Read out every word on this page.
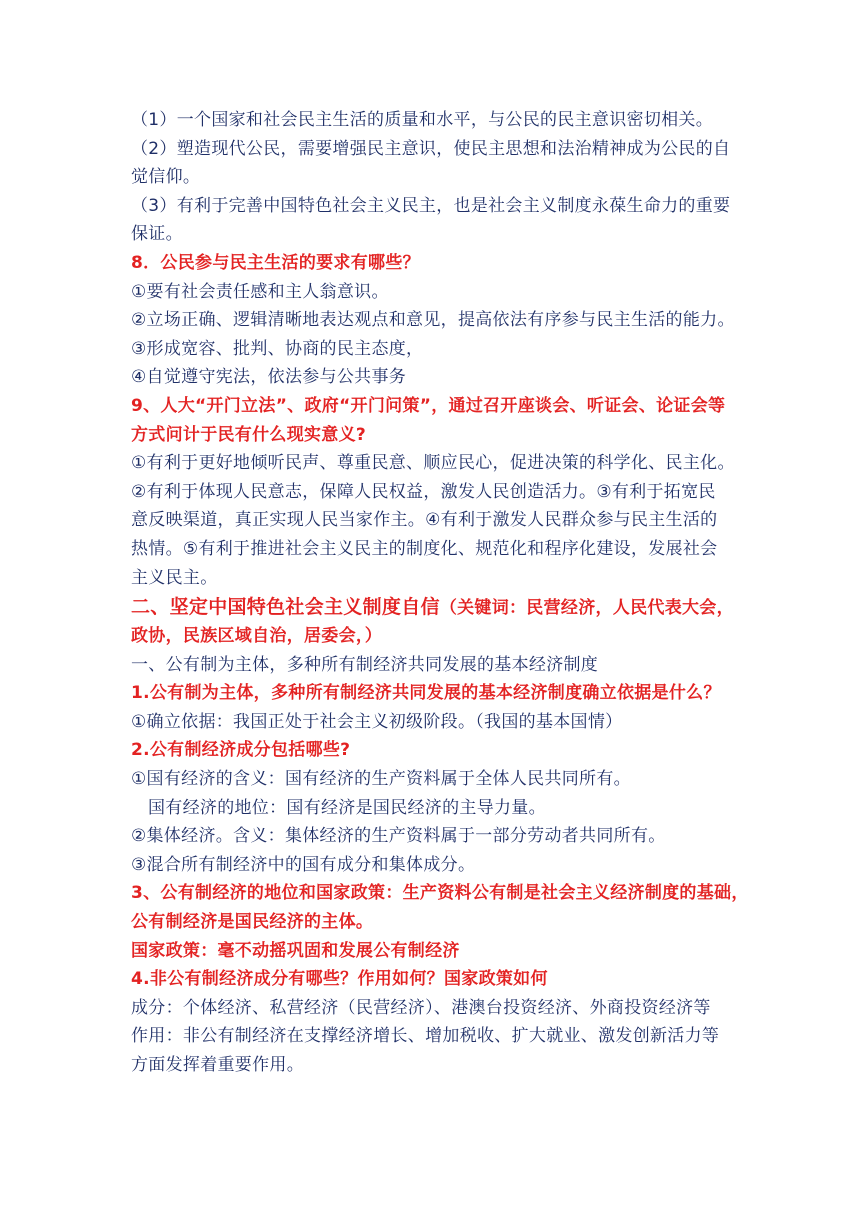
（1）一个国家和社会民主生活的质量和水平，与公民的民主意识密切相关。
（2）塑造现代公民，需要增强民主意识，使民主思想和法治精神成为公民的自
觉信仰。
（3）有利于完善中国特色社会主义民主，也是社会主义制度永葆生命力的重要
保证。
8．公民参与民主生活的要求有哪些？
①要有社会责任感和主人翁意识。
②立场正确、逻辑清晰地表达观点和意见，提高依法有序参与民主生活的能力。
③形成宽容、批判、协商的民主态度，
④自觉遵守宪法，依法参与公共事务
9、人大“开门立法”、政府“开门问策”，通过召开座谈会、听证会、论证会等
方式问计于民有什么现实意义?
①有利于更好地倾听民声、尊重民意、顺应民心，促进决策的科学化、民主化。
②有利于体现人民意志，保障人民权益，激发人民创造活力。③有利于拓宽民
意反映渠道，真正实现人民当家作主。④有利于激发人民群众参与民主生活的
热情。⑤有利于推进社会主义民主的制度化、规范化和程序化建设，发展社会
主义民主。
二、坚定中国特色社会主义制度自信（关键词：民营经济，人民代表大会，
政协，民族区域自治，居委会，）
一、公有制为主体，多种所有制经济共同发展的基本经济制度
1.公有制为主体，多种所有制经济共同发展的基本经济制度确立依据是什么？
①确立依据：我国正处于社会主义初级阶段。（我国的基本国情）
2.公有制经济成分包括哪些?
①国有经济的含义：国有经济的生产资料属于全体人民共同所有。
国有经济的地位：国有经济是国民经济的主导力量。
②集体经济。含义：集体经济的生产资料属于一部分劳动者共同所有。
③混合所有制经济中的国有成分和集体成分。
3、公有制经济的地位和国家政策：生产资料公有制是社会主义经济制度的基础，
公有制经济是国民经济的主体。
国家政策：毫不动摇巩固和发展公有制经济
4.非公有制经济成分有哪些？作用如何？国家政策如何
成分：个体经济、私营经济（民营经济）、港澳台投资经济、外商投资经济等
作用：非公有制经济在支撑经济增长、增加税收、扩大就业、激发创新活力等
方面发挥着重要作用。
